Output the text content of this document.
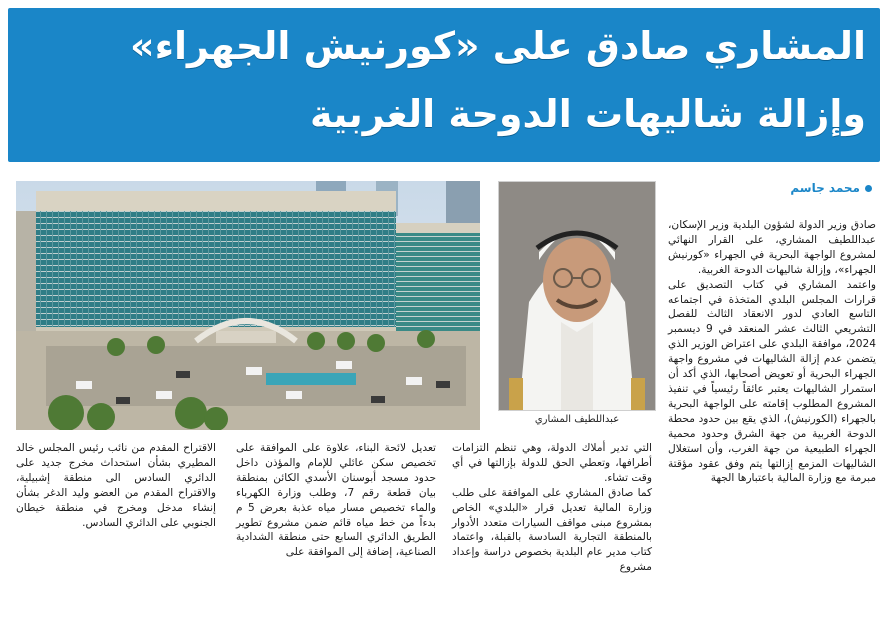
المشاري صادق على «كورنيش الجهراء»
وإزالة شاليهات الدوحة الغربية
عبداللطيف المشاري
محمد جاسم
صادق وزير الدولة لشؤون البلدية وزير الإسكان، عبداللطيف المشاري، على القرار النهائي لمشروع الواجهة البحرية في الجهراء «كورنيش الجهراء»، وإزالة شاليهات الدوحة الغربية.
واعتمد المشاري في كتاب التصديق على قرارات المجلس البلدي المتخذة في اجتماعه التاسع العادي لدور الانعقاد الثالث للفصل التشريعي الثالث عشر المنعقد في 9 ديسمبر 2024، موافقة البلدي على اعتراض الوزير الذي يتضمن عدم إزالة الشاليهات في مشروع واجهة الجهراء البحرية أو تعويض أصحابها، الذي أكد أن استمرار الشاليهات يعتبر عائقاً رئيسياً في تنفيذ المشروع المطلوب إقامته على الواجهة البحرية بالجهراء (الكورنيش)، الذي يقع بين حدود محطة الدوحة الغربية من جهة الشرق وحدود محمية الجهراء الطبيعية من جهة الغرب، وأن استغلال الشاليهات المزمع إزالتها يتم وفق عقود مؤقتة مبرمة مع وزارة المالية باعتبارها الجهة
التي تدير أملاك الدولة، وهي تنظم التزامات أطرافها، وتعطي الحق للدولة بإزالتها في أي وقت تشاء.
كما صادق المشاري على الموافقة على طلب وزارة المالية تعديل قرار «البلدي» الخاص بمشروع مبنى مواقف السيارات متعدد الأدوار بالمنطقة التجارية السادسة بالقبلة، واعتماد كتاب مدير عام البلدية بخصوص دراسة وإعداد مشروع
تعديل لائحة البناء، علاوة على الموافقة على تخصيص سكن عائلي للإمام والمؤذن داخل حدود مسجد أبوسنان الأسدي الكائن بمنطقة بيان قطعة رقم 7، وطلب وزارة الكهرباء والماء تخصيص مسار مياه عذبة بعرض 5 م بدءاً من خط مياه قائم ضمن مشروع تطوير الطريق الدائري السابع حتى منطقة الشدادية الصناعية، إضافة إلى الموافقة على
الاقتراح المقدم من نائب رئيس المجلس خالد المطيري بشأن استحداث مخرج جديد على الدائري السادس الى منطقة إشبيلية، والاقتراح المقدم من العضو وليد الدغر بشأن إنشاء مدخل ومخرج في منطقة خيطان الجنوبي على الدائري السادس.
